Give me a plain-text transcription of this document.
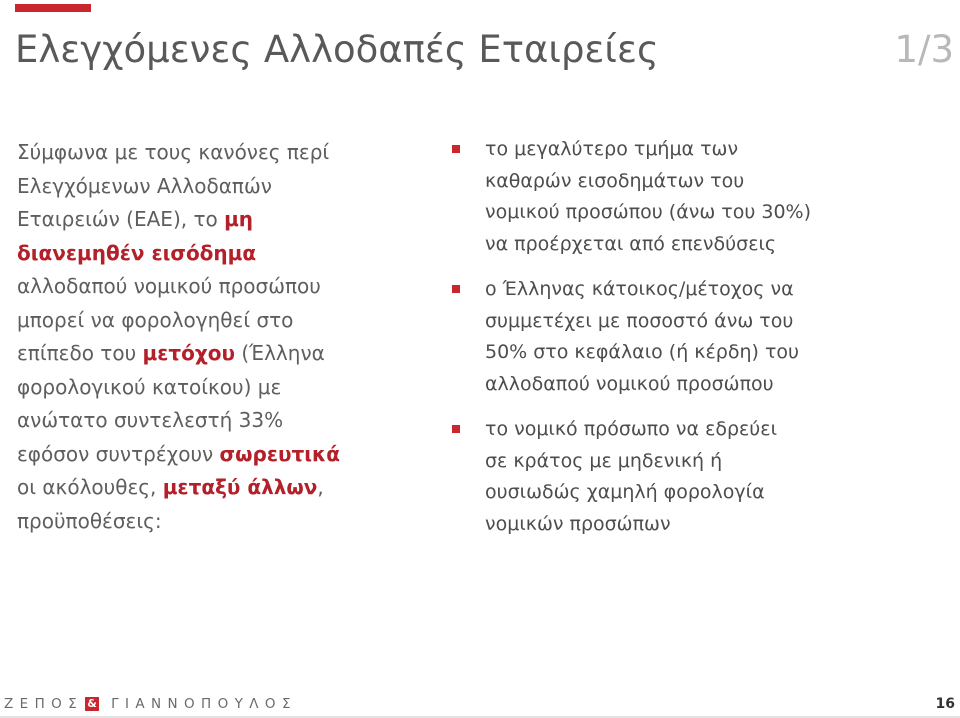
Ελεγχόμενες Αλλοδαπές Εταιρείες	1/3
Σύμφωνα με τους κανόνες περί
Ελεγχόμενων Αλλοδαπών
Εταιρειών (ΕΑΕ), το μη
διανεμηθέν εισόδημα
αλλοδαπού νομικού προσώπου
μπορεί να φορολογηθεί στο
επίπεδο του μετόχου (Έλληνα
φορολογικού κατοίκου) με
ανώτατο συντελεστή 33%
εφόσον συντρέχουν σωρευτικά
οι ακόλουθες, μεταξύ άλλων,
προϋποθέσεις:
το μεγαλύτερο τμήμα των
καθαρών εισοδημάτων του
νομικού προσώπου (άνω του 30%)
να προέρχεται από επενδύσεις
ο Έλληνας κάτοικος/μέτοχος να
συμμετέχει με ποσοστό άνω του
50% στο κεφάλαιο (ή κέρδη) του
αλλοδαπού νομικού προσώπου
το νομικό πρόσωπο να εδρεύει
σε κράτος με μηδενική ή
ουσιωδώς χαμηλή φορολογία
νομικών προσώπων
ΖΕΠΟΣ & ΓΙΑΝΝΟΠΟΥΛΟΣ	16
